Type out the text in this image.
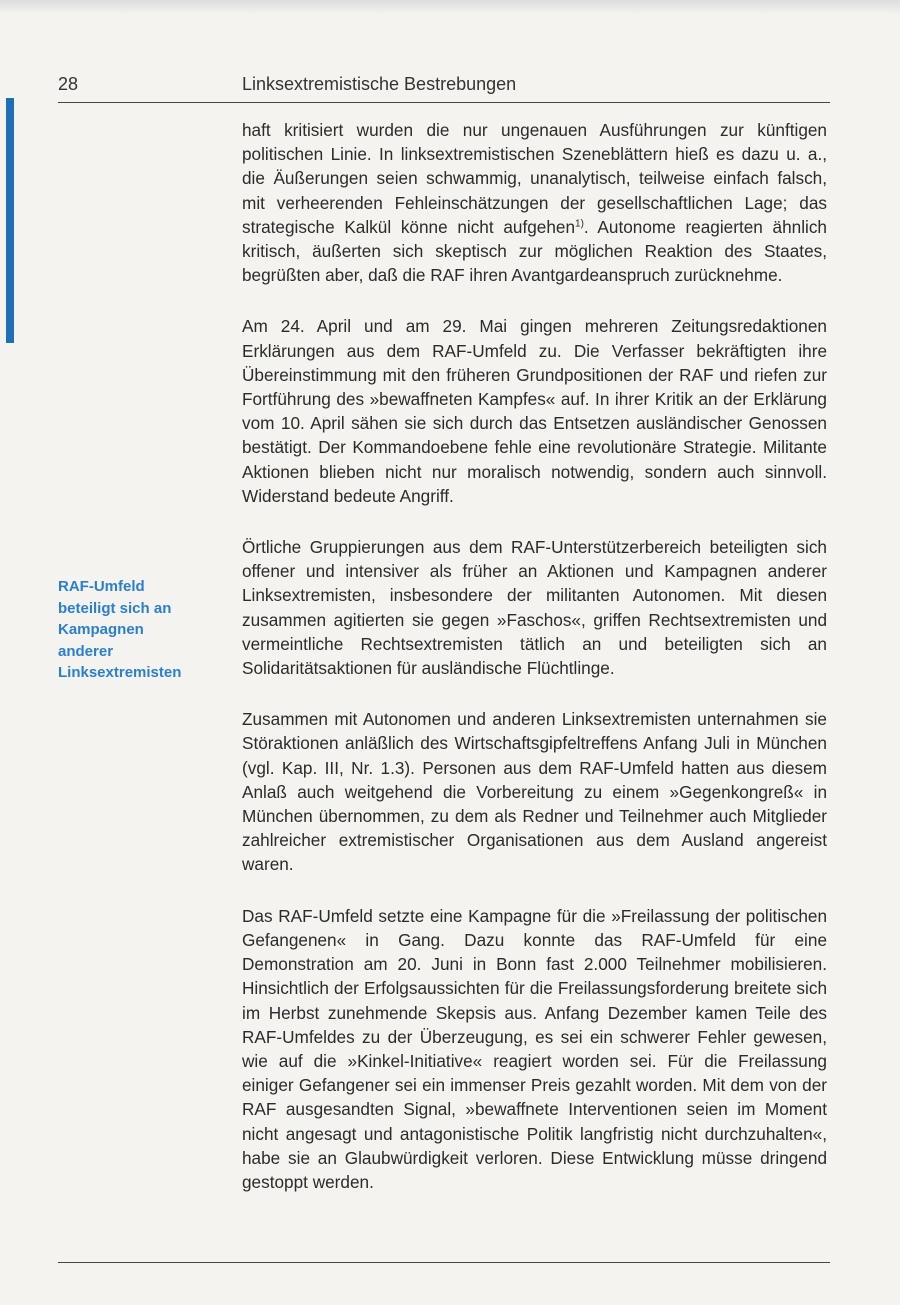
28	Linksextremistische Bestrebungen
RAF-Umfeld
beteiligt sich an
Kampagnen
anderer
Linksextremisten

haft kritisiert wurden die nur ungenauen Ausführungen zur künftigen politischen Linie. In linksextremistischen Szeneblättern hieß es dazu u. a., die Äußerungen seien schwammig, unanalytisch, teilweise einfach falsch, mit verheerenden Fehleinschätzungen der gesellschaftlichen Lage; das strategische Kalkül könne nicht aufgehen$^{1)}$. Autonome reagierten ähnlich kritisch, äußerten sich skeptisch zur möglichen Reaktion des Staates, begrüßten aber, daß die RAF ihren Avantgardeanspruch zurücknehme.

Am 24. April und am 29. Mai gingen mehreren Zeitungsredaktionen Erklärungen aus dem RAF-Umfeld zu. Die Verfasser bekräftigten ihre Übereinstimmung mit den früheren Grundpositionen der RAF und riefen zur Fortführung des »bewaffneten Kampfes« auf. In ihrer Kritik an der Erklärung vom 10. April sähen sie sich durch das Entsetzen ausländischer Genossen bestätigt. Der Kommandoebene fehle eine revolutionäre Strategie. Militante Aktionen blieben nicht nur moralisch notwendig, sondern auch sinnvoll. Widerstand bedeute Angriff.

Örtliche Gruppierungen aus dem RAF-Unterstützerbereich beteiligten sich offener und intensiver als früher an Aktionen und Kampagnen anderer Linksextremisten, insbesondere der militanten Autonomen. Mit diesen zusammen agitierten sie gegen »Faschos«, griffen Rechtsextremisten und vermeintliche Rechtsextremisten tätlich an und beteiligten sich an Solidaritätsaktionen für ausländische Flüchtlinge.

Zusammen mit Autonomen und anderen Linksextremisten unternahmen sie Störaktionen anläßlich des Wirtschaftsgipfeltreffens Anfang Juli in München (vgl. Kap. III, Nr. 1.3). Personen aus dem RAF-Umfeld hatten aus diesem Anlaß auch weitgehend die Vorbereitung zu einem »Gegenkongreß« in München übernommen, zu dem als Redner und Teilnehmer auch Mitglieder zahlreicher extremistischer Organisationen aus dem Ausland angereist waren.

Das RAF-Umfeld setzte eine Kampagne für die »Freilassung der politischen Gefangenen« in Gang. Dazu konnte das RAF-Umfeld für eine Demonstration am 20. Juni in Bonn fast 2.000 Teilnehmer mobilisieren. Hinsichtlich der Erfolgsaussichten für die Freilassungsforderung breitete sich im Herbst zunehmende Skepsis aus. Anfang Dezember kamen Teile des RAF-Umfeldes zu der Überzeugung, es sei ein schwerer Fehler gewesen, wie auf die »Kinkel-Initiative« reagiert worden sei. Für die Freilassung einiger Gefangener sei ein immenser Preis gezahlt worden. Mit dem von der RAF ausgesandten Signal, »bewaffnete Interventionen seien im Moment nicht angesagt und antagonistische Politik langfristig nicht durchzuhalten«, habe sie an Glaubwürdigkeit verloren. Diese Entwicklung müsse dringend gestoppt werden.
